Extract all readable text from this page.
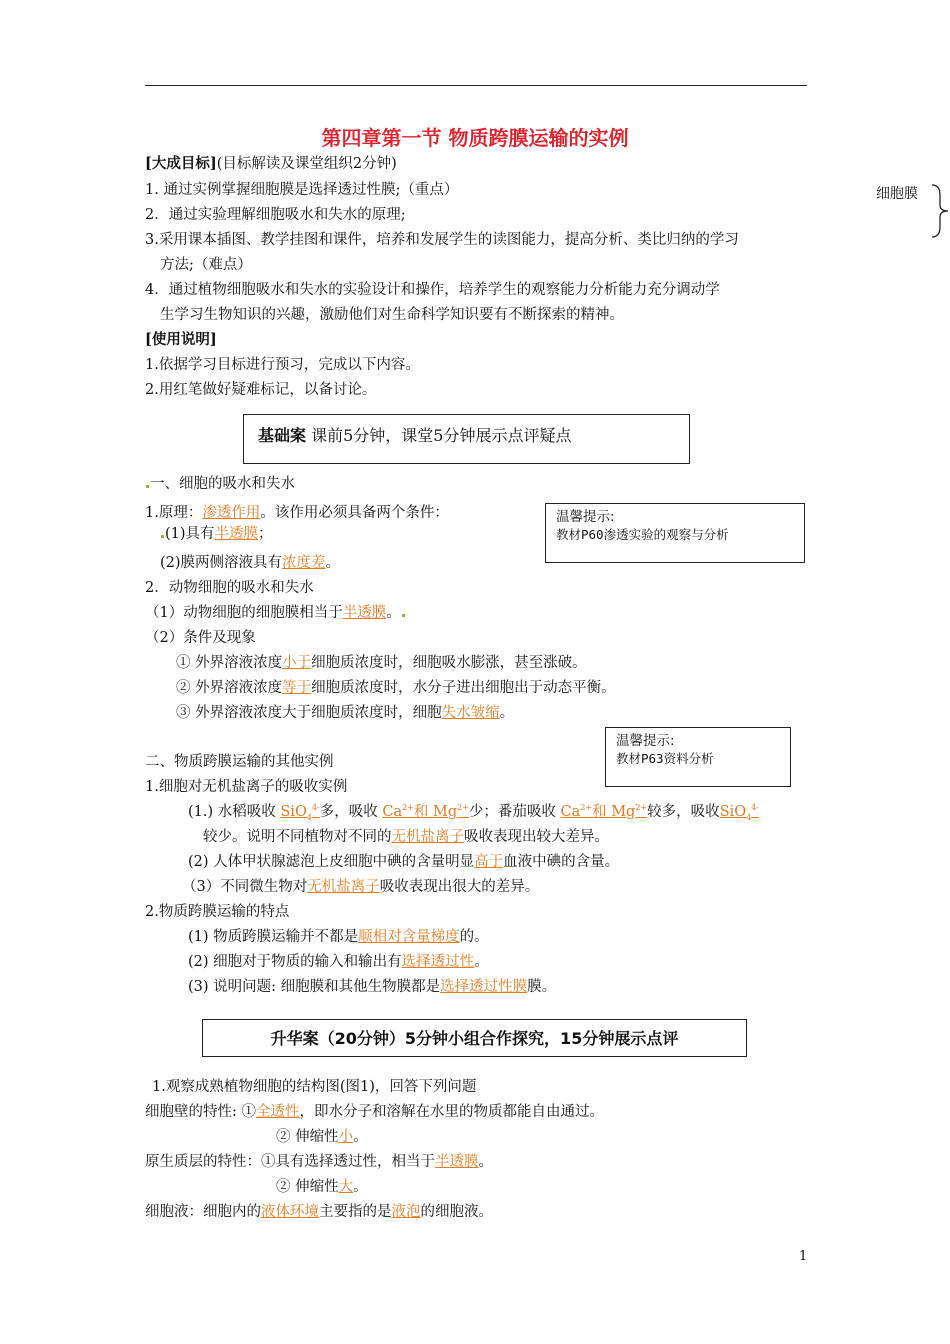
第四章第一节 物质跨膜运输的实例
细胞膜
[大成目标](目标解读及课堂组织2分钟)
1. 通过实例掌握细胞膜是选择透过性膜;（重点）
2．通过实验理解细胞吸水和失水的原理;
3.采用课本插图、教学挂图和课件，培养和发展学生的读图能力，提高分析、类比归纳的学习
方法;（难点）
4．通过植物细胞吸水和失水的实验设计和操作，培养学生的观察能力分析能力充分调动学
生学习生物知识的兴趣，激励他们对生命科学知识要有不断探索的精神。
[使用说明]
1.依据学习目标进行预习，完成以下内容。
2.用红笔做好疑难标记，以备讨论。
基础案 课前5分钟，课堂5分钟展示点评疑点
温馨提示:
教材P60渗透实验的观察与分析
一、细胞的吸水和失水
1.原理：渗透作用。该作用必须具备两个条件：
(1)具有半透膜；
(2)膜两侧溶液具有浓度差。
2．动物细胞的吸水和失水
（1）动物细胞的细胞膜相当于半透膜。
（2）条件及现象
① 外界溶液浓度小于细胞质浓度时，细胞吸水膨涨，甚至涨破。
② 外界溶液浓度等于细胞质浓度时，水分子进出细胞出于动态平衡。
③ 外界溶液浓度大于细胞质浓度时，细胞失水皱缩。
温馨提示:
教材P63资料分析
二、物质跨膜运输的其他实例
1.细胞对无机盐离子的吸收实例
(1.) 水稻吸收 SiO$_4^{4-}$多，吸收 $Ca^{2+}$和 $Mg^{2+}$少；番茄吸收 $Ca^{2+}$和 $Mg^{2+}$较多，吸收SiO$_4^{4-}$
较少。说明不同植物对不同的无机盐离子吸收表现出较大差异。
(2) 人体甲状腺滤泡上皮细胞中碘的含量明显高于血液中碘的含量。
（3）不同微生物对无机盐离子吸收表现出很大的差异。
2.物质跨膜运输的特点
(1) 物质跨膜运输并不都是顺相对含量梯度的。
(2) 细胞对于物质的输入和输出有选择透过性。
(3) 说明问题: 细胞膜和其他生物膜都是选择透过性膜膜。
升华案（20分钟）5分钟小组合作探究，15分钟展示点评
1.观察成熟植物细胞的结构图(图1)，回答下列问题
细胞壁的特性: ①全透性，即水分子和溶解在水里的物质都能自由通过。
② 伸缩性小。
原生质层的特性：①具有选择透过性，相当于半透膜。
② 伸缩性大。
细胞液：细胞内的液体环境主要指的是液泡的细胞液。
1
